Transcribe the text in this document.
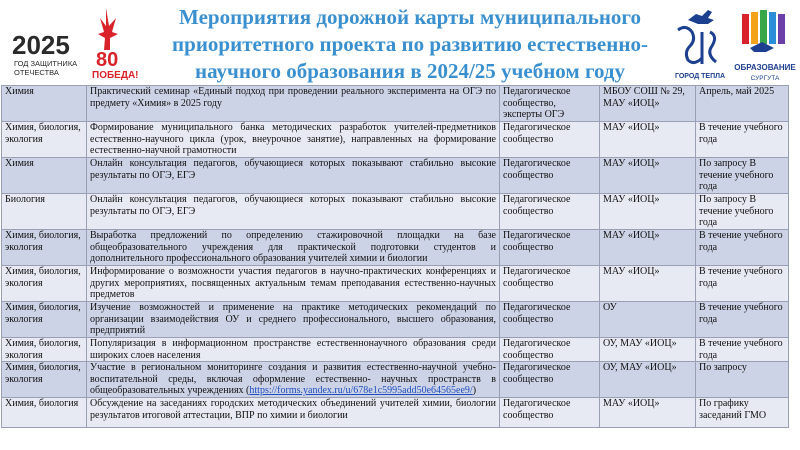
2025
ГОД ЗАЩИТНИКА
ОТЕЧЕСТВА
80
ПОБЕДА!
Мероприятия дорожной карты муниципального
приоритетного проекта по развитию естественно-
научного образования в 2024/25 учебном году	ГОРОД ТЕПЛА
ОБРАЗОВАНИЕ
СУРГУТА
Химия	Практический семинар «Единый подход при проведении реального эксперимента на ОГЭ по предмету «Химия» в 2025 году	Педагогическое сообщество, эксперты ОГЭ	МБОУ СОШ № 29, МАУ «ИОЦ»	Апрель, май 2025
Химия, биология, экология	Формирование муниципального банка методических разработок учителей-предметников естественно-научного цикла (урок, внеурочное занятие), направленных на формирование естественно-научной грамотности	Педагогическое сообщество	МАУ «ИОЦ»	В течение учебного года
Химия	Онлайн консультация педагогов, обучающиеся которых показывают стабильно высокие результаты по ОГЭ, ЕГЭ	Педагогическое сообщество	МАУ «ИОЦ»	По запросу В течение учебного года
Биология	Онлайн консультация педагогов, обучающиеся которых показывают стабильно высокие результаты по ОГЭ, ЕГЭ	Педагогическое сообщество	МАУ «ИОЦ»	По запросу В течение учебного года
Химия, биология, экология	Выработка предложений по определению стажировочной площадки на базе общеобразовательного учреждения для практической подготовки студентов и дополнительного профессионального образования учителей химии и биологии	Педагогическое сообщество	МАУ «ИОЦ»	В течение учебного года
Химия, биология, экология	Информирование о возможности участия педагогов в научно-практических конференциях и других мероприятиях, посвященных актуальным темам преподавания естественно-научных предметов	Педагогическое сообщество	МАУ «ИОЦ»	В течение учебного года
Химия, биология, экология	Изучение возможностей и применение на практике методических рекомендаций по организации взаимодействия ОУ и среднего профессионального, высшего образования, предприятий	Педагогическое сообщество	ОУ	В течение учебного года
Химия, биология, экология	Популяризация в информационном пространстве естественнонаучного образования среди широких слоев населения	Педагогическое сообщество	ОУ, МАУ «ИОЦ»	В течение учебного года
Химия, биология, экология	Участие в региональном мониторинге создания и развития естественно-научной учебно-воспитательной среды, включая оформление естественно- научных пространств в общеобразовательных учреждениях (https://forms.yandex.ru/u/678e1c5995add50e64565ee9/)	Педагогическое сообщество	ОУ, МАУ «ИОЦ»	По запросу
Химия, биология	Обсуждение на заседаниях городских методических объединений учителей химии, биологии результатов итоговой аттестации, ВПР по химии и биологии	Педагогическое сообщество	МАУ «ИОЦ»	По графику заседаний ГМО
